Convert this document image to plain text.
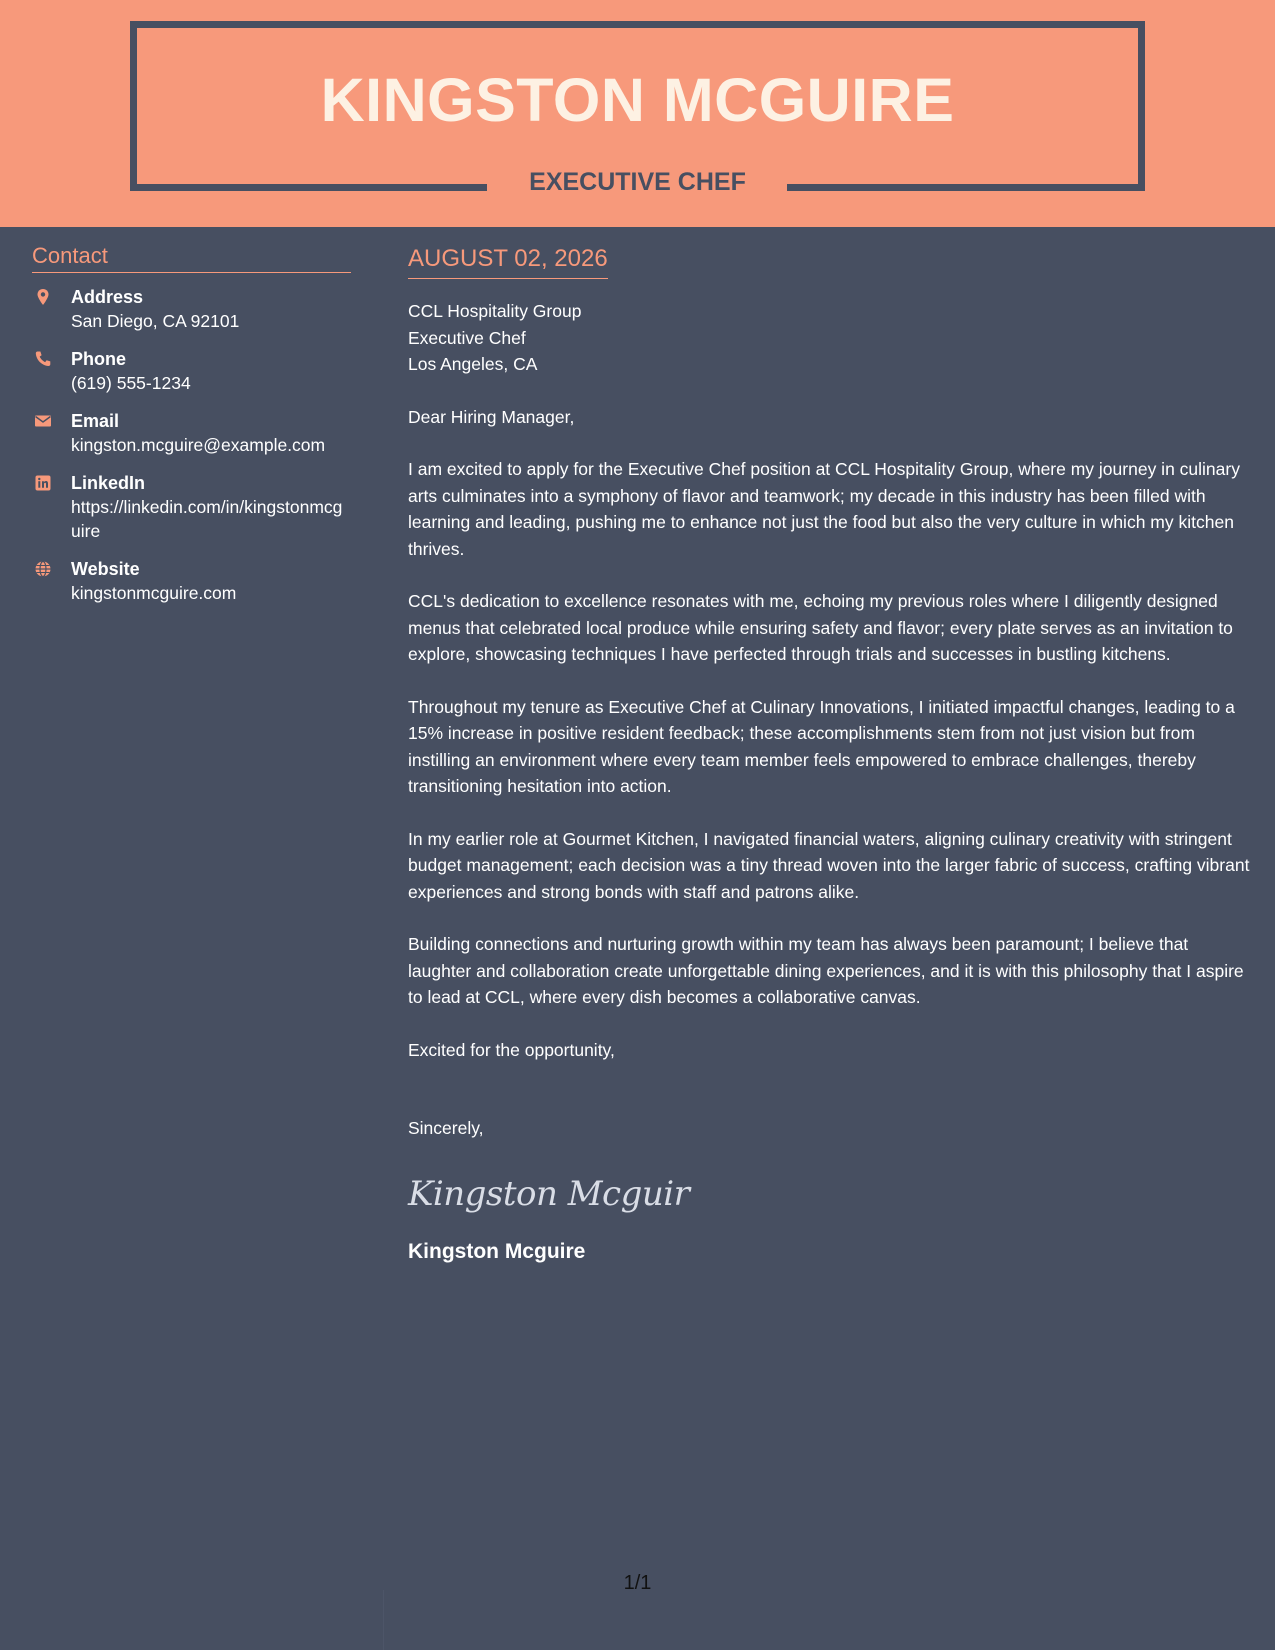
KINGSTON MCGUIRE
EXECUTIVE CHEF
Contact
Address
San Diego, CA 92101
Phone
(619) 555-1234
Email
kingston.mcguire@example.com
LinkedIn
https://linkedin.com/in/kingstonmcguire
Website
kingstonmcguire.com
AUGUST 02, 2026
CCL Hospitality Group
Executive Chef
Los Angeles, CA

Dear Hiring Manager,

I am excited to apply for the Executive Chef position at CCL Hospitality Group, where my journey in culinary arts culminates into a symphony of flavor and teamwork; my decade in this industry has been filled with learning and leading, pushing me to enhance not just the food but also the very culture in which my kitchen thrives.

CCL's dedication to excellence resonates with me, echoing my previous roles where I diligently designed menus that celebrated local produce while ensuring safety and flavor; every plate serves as an invitation to explore, showcasing techniques I have perfected through trials and successes in bustling kitchens.

Throughout my tenure as Executive Chef at Culinary Innovations, I initiated impactful changes, leading to a 15% increase in positive resident feedback; these accomplishments stem from not just vision but from instilling an environment where every team member feels empowered to embrace challenges, thereby transitioning hesitation into action.

In my earlier role at Gourmet Kitchen, I navigated financial waters, aligning culinary creativity with stringent budget management; each decision was a tiny thread woven into the larger fabric of success, crafting vibrant experiences and strong bonds with staff and patrons alike.

Building connections and nurturing growth within my team has always been paramount; I believe that laughter and collaboration create unforgettable dining experiences, and it is with this philosophy that I aspire to lead at CCL, where every dish becomes a collaborative canvas.

Excited for the opportunity,

Sincerely,
Kingston Mcguir
Kingston Mcguire
1/1
